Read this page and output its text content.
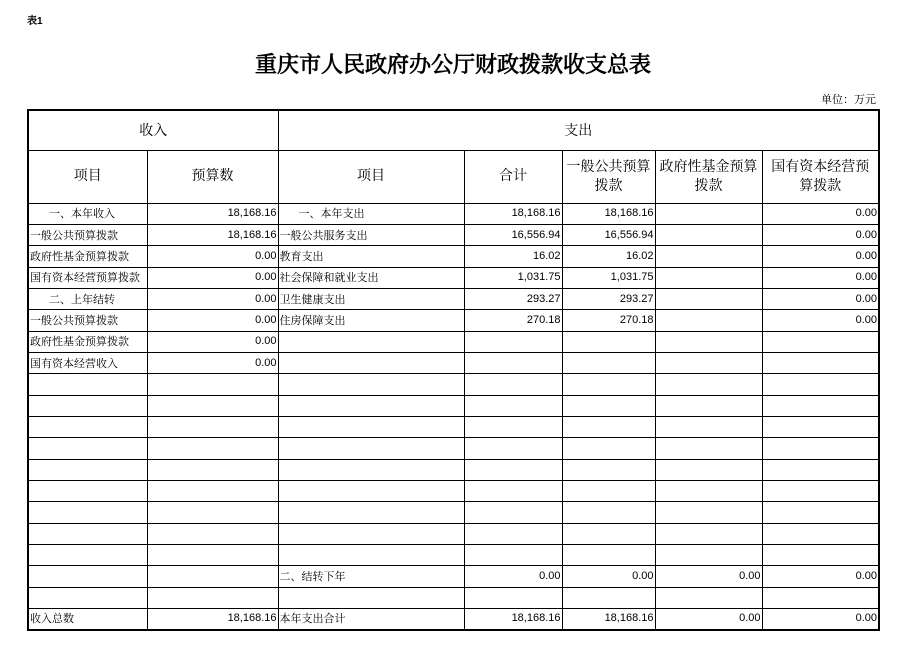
表1
重庆市人民政府办公厅财政拨款收支总表
单位：万元
收入		支出				
项目	预算数	项目	合计	一般公共预算拨款	政府性基金预算拨款	国有资本经营预算拨款
一、本年收入	18,168.16	一、本年支出	18,168.16	18,168.16		0.00
一般公共预算拨款	18,168.16	一般公共服务支出	16,556.94	16,556.94		0.00
政府性基金预算拨款	0.00	教育支出	16.02	16.02		0.00
国有资本经营预算拨款	0.00	社会保障和就业支出	1,031.75	1,031.75		0.00
二、上年结转	0.00	卫生健康支出	293.27	293.27		0.00
一般公共预算拨款	0.00	住房保障支出	270.18	270.18		0.00
政府性基金预算拨款	0.00					
国有资本经营收入	0.00					

		二、结转下年	0.00	0.00	0.00	0.00

收入总数	18,168.16	本年支出合计	18,168.16	18,168.16	0.00	0.00
